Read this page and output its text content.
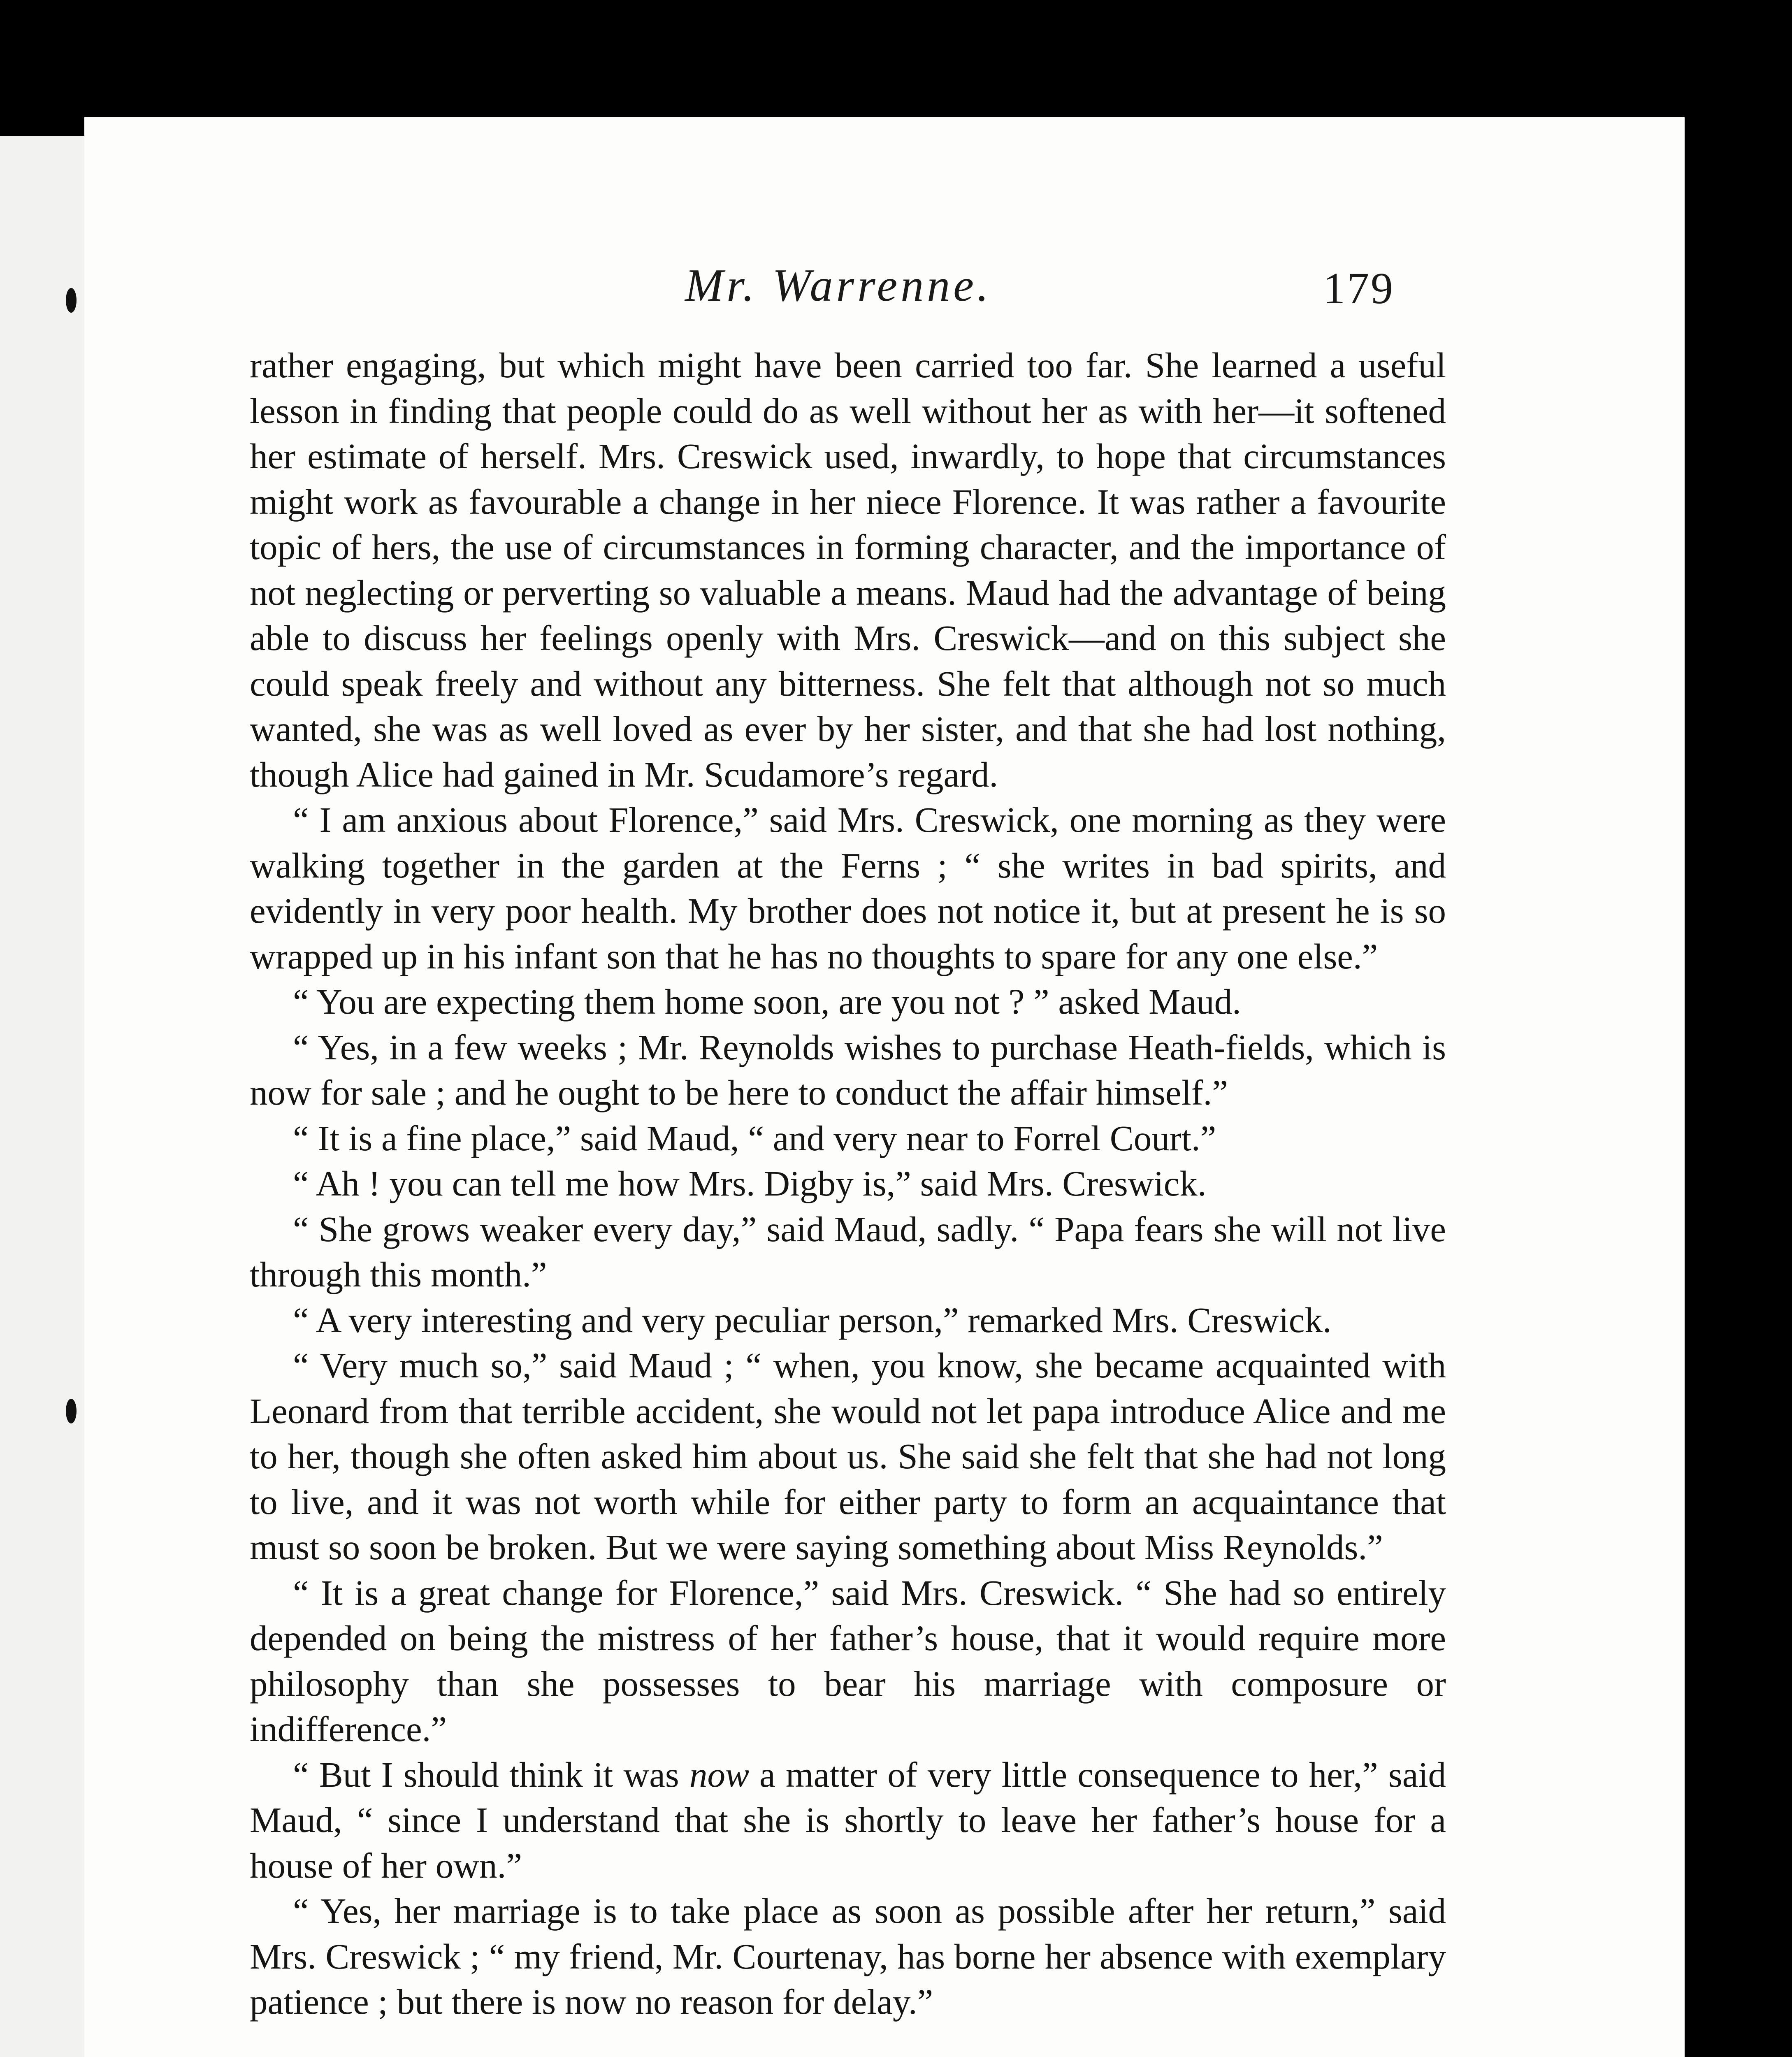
Mr. Warrenne.	179

rather engaging, but which might have been carried too far. She learned a useful lesson in finding that people could do as well without her as with her—it softened her estimate of herself. Mrs. Creswick used, inwardly, to hope that circumstances might work as favourable a change in her niece Florence. It was rather a favourite topic of hers, the use of circumstances in forming character, and the importance of not neglecting or perverting so valuable a means. Maud had the advantage of being able to discuss her feelings openly with Mrs. Creswick—and on this subject she could speak freely and without any bitterness. She felt that although not so much wanted, she was as well loved as ever by her sister, and that she had lost nothing, though Alice had gained in Mr. Scudamore’s regard.

“ I am anxious about Florence,” said Mrs. Creswick, one morning as they were walking together in the garden at the Ferns ; “ she writes in bad spirits, and evidently in very poor health. My brother does not notice it, but at present he is so wrapped up in his infant son that he has no thoughts to spare for any one else.”

“ You are expecting them home soon, are you not ? ” asked Maud.

“ Yes, in a few weeks ; Mr. Reynolds wishes to purchase Heath-fields, which is now for sale ; and he ought to be here to conduct the affair himself.”

“ It is a fine place,” said Maud, “ and very near to Forrel Court.”

“ Ah ! you can tell me how Mrs. Digby is,” said Mrs. Creswick.

“ She grows weaker every day,” said Maud, sadly. “ Papa fears she will not live through this month.”

“ A very interesting and very peculiar person,” remarked Mrs. Creswick.

“ Very much so,” said Maud ; “ when, you know, she became acquainted with Leonard from that terrible accident, she would not let papa introduce Alice and me to her, though she often asked him about us. She said she felt that she had not long to live, and it was not worth while for either party to form an acquaintance that must so soon be broken. But we were saying something about Miss Reynolds.”

“ It is a great change for Florence,” said Mrs. Creswick. “ She had so entirely depended on being the mistress of her father’s house, that it would require more philosophy than she possesses to bear his marriage with composure or indifference.”

“ But I should think it was now a matter of very little consequence to her,” said Maud, “ since I understand that she is shortly to leave her father’s house for a house of her own.”

“ Yes, her marriage is to take place as soon as possible after her return,” said Mrs. Creswick ; “ my friend, Mr. Courtenay, has borne her absence with exemplary patience ; but there is now no reason for delay.”
